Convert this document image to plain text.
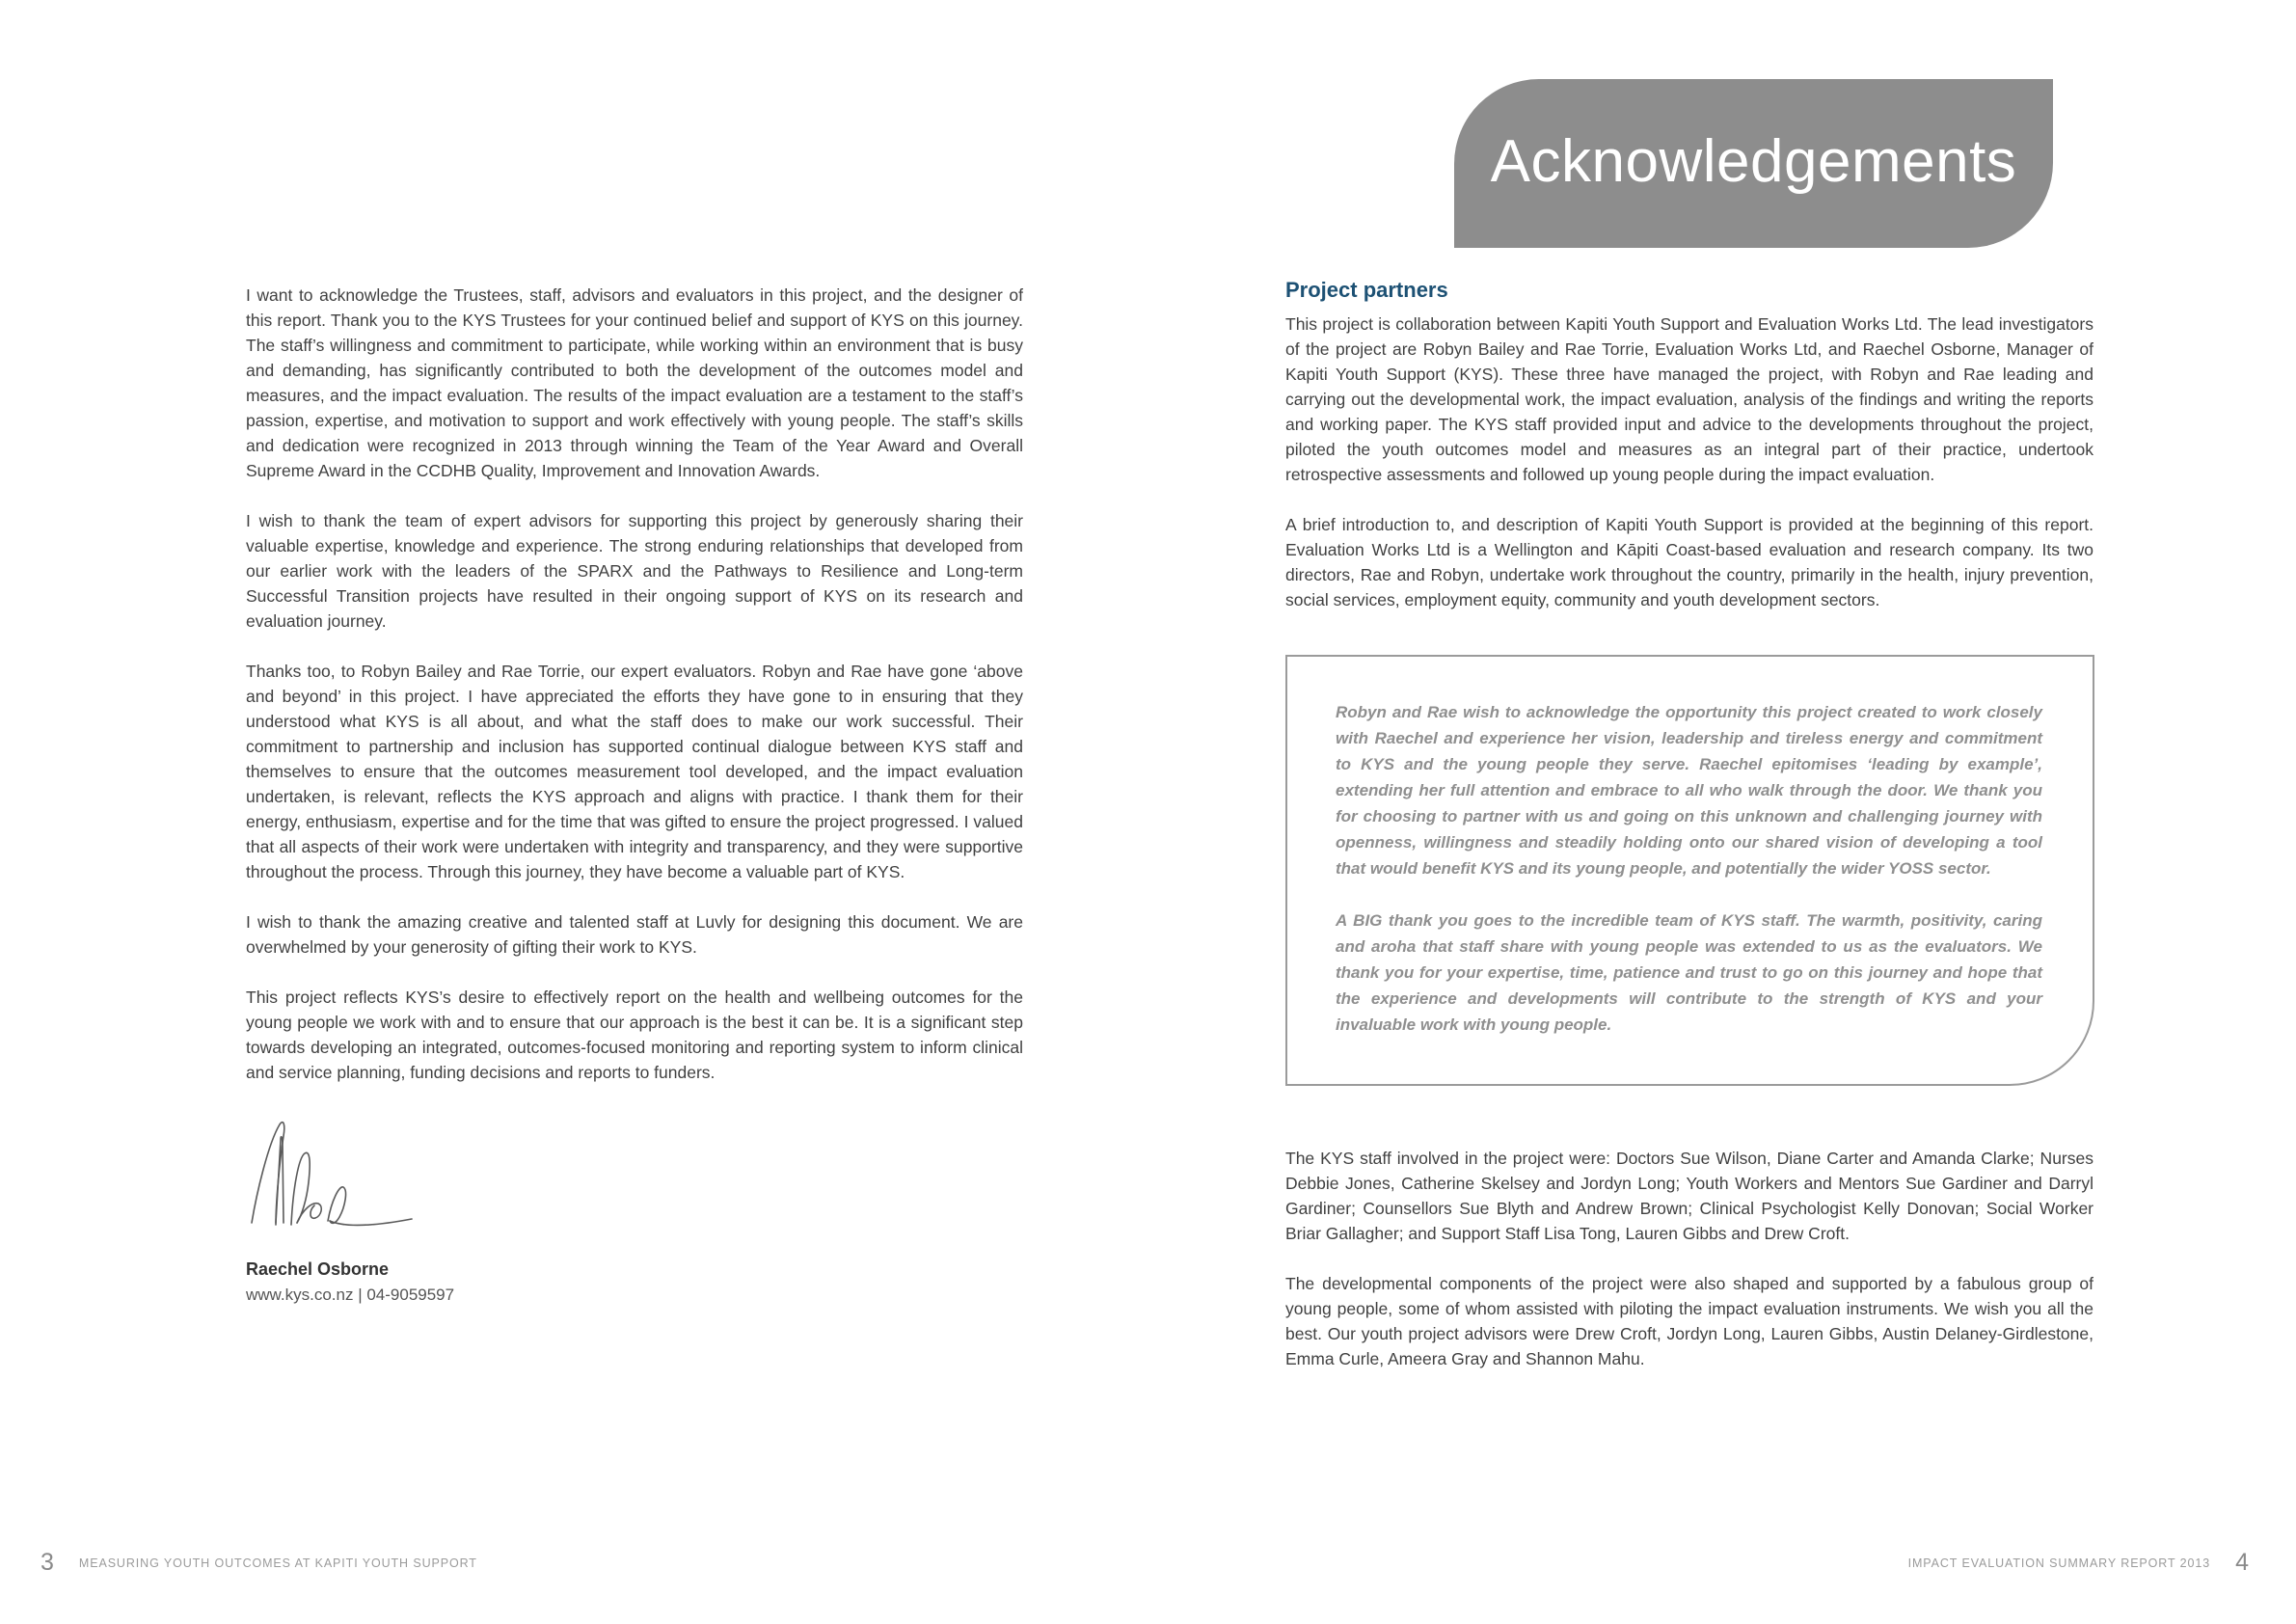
I want to acknowledge the Trustees, staff, advisors and evaluators in this project, and the designer of this report. Thank you to the KYS Trustees for your continued belief and support of KYS on this journey. The staff’s willingness and commitment to participate, while working within an environment that is busy and demanding, has significantly contributed to both the development of the outcomes model and measures, and the impact evaluation. The results of the impact evaluation are a testament to the staff’s passion, expertise, and motivation to support and work effectively with young people. The staff’s skills and dedication were recognized in 2013 through winning the Team of the Year Award and Overall Supreme Award in the CCDHB Quality, Improvement and Innovation Awards.

I wish to thank the team of expert advisors for supporting this project by generously sharing their valuable expertise, knowledge and experience. The strong enduring relationships that developed from our earlier work with the leaders of the SPARX and the Pathways to Resilience and Long-term Successful Transition projects have resulted in their ongoing support of KYS on its research and evaluation journey.

Thanks too, to Robyn Bailey and Rae Torrie, our expert evaluators. Robyn and Rae have gone ‘above and beyond’ in this project. I have appreciated the efforts they have gone to in ensuring that they understood what KYS is all about, and what the staff does to make our work successful. Their commitment to partnership and inclusion has supported continual dialogue between KYS staff and themselves to ensure that the outcomes measurement tool developed, and the impact evaluation undertaken, is relevant, reflects the KYS approach and aligns with practice. I thank them for their energy, enthusiasm, expertise and for the time that was gifted to ensure the project progressed. I valued that all aspects of their work were undertaken with integrity and transparency, and they were supportive throughout the process. Through this journey, they have become a valuable part of KYS.

I wish to thank the amazing creative and talented staff at Luvly for designing this document. We are overwhelmed by your generosity of gifting their work to KYS.

This project reflects KYS’s desire to effectively report on the health and wellbeing outcomes for the young people we work with and to ensure that our approach is the best it can be. It is a significant step towards developing an integrated, outcomes-focused monitoring and reporting system to inform clinical and service planning, funding decisions and reports to funders.

Raechel Osborne
www.kys.co.nz | 04-9059597
3 MEASURING YOUTH OUTCOMES AT KAPITI YOUTH SUPPORT
Acknowledgements
Project partners

This project is collaboration between Kapiti Youth Support and Evaluation Works Ltd. The lead investigators of the project are Robyn Bailey and Rae Torrie, Evaluation Works Ltd, and Raechel Osborne, Manager of Kapiti Youth Support (KYS). These three have managed the project, with Robyn and Rae leading and carrying out the developmental work, the impact evaluation, analysis of the findings and writing the reports and working paper. The KYS staff provided input and advice to the developments throughout the project, piloted the youth outcomes model and measures as an integral part of their practice, undertook retrospective assessments and followed up young people during the impact evaluation.

A brief introduction to, and description of Kapiti Youth Support is provided at the beginning of this report. Evaluation Works Ltd is a Wellington and Kāpiti Coast-based evaluation and research company. Its two directors, Rae and Robyn, undertake work throughout the country, primarily in the health, injury prevention, social services, employment equity, community and youth development sectors.

Robyn and Rae wish to acknowledge the opportunity this project created to work closely with Raechel and experience her vision, leadership and tireless energy and commitment to KYS and the young people they serve. Raechel epitomises ‘leading by example’, extending her full attention and embrace to all who walk through the door. We thank you for choosing to partner with us and going on this unknown and challenging journey with openness, willingness and steadily holding onto our shared vision of developing a tool that would benefit KYS and its young people, and potentially the wider YOSS sector.

A BIG thank you goes to the incredible team of KYS staff. The warmth, positivity, caring and aroha that staff share with young people was extended to us as the evaluators. We thank you for your expertise, time, patience and trust to go on this journey and hope that the experience and developments will contribute to the strength of KYS and your invaluable work with young people.

The KYS staff involved in the project were: Doctors Sue Wilson, Diane Carter and Amanda Clarke; Nurses Debbie Jones, Catherine Skelsey and Jordyn Long; Youth Workers and Mentors Sue Gardiner and Darryl Gardiner; Counsellors Sue Blyth and Andrew Brown; Clinical Psychologist Kelly Donovan; Social Worker Briar Gallagher; and Support Staff Lisa Tong, Lauren Gibbs and Drew Croft.

The developmental components of the project were also shaped and supported by a fabulous group of young people, some of whom assisted with piloting the impact evaluation instruments. We wish you all the best. Our youth project advisors were Drew Croft, Jordyn Long, Lauren Gibbs, Austin Delaney-Girdlestone, Emma Curle, Ameera Gray and Shannon Mahu.

IMPACT EVALUATION SUMMARY REPORT 2013 4
